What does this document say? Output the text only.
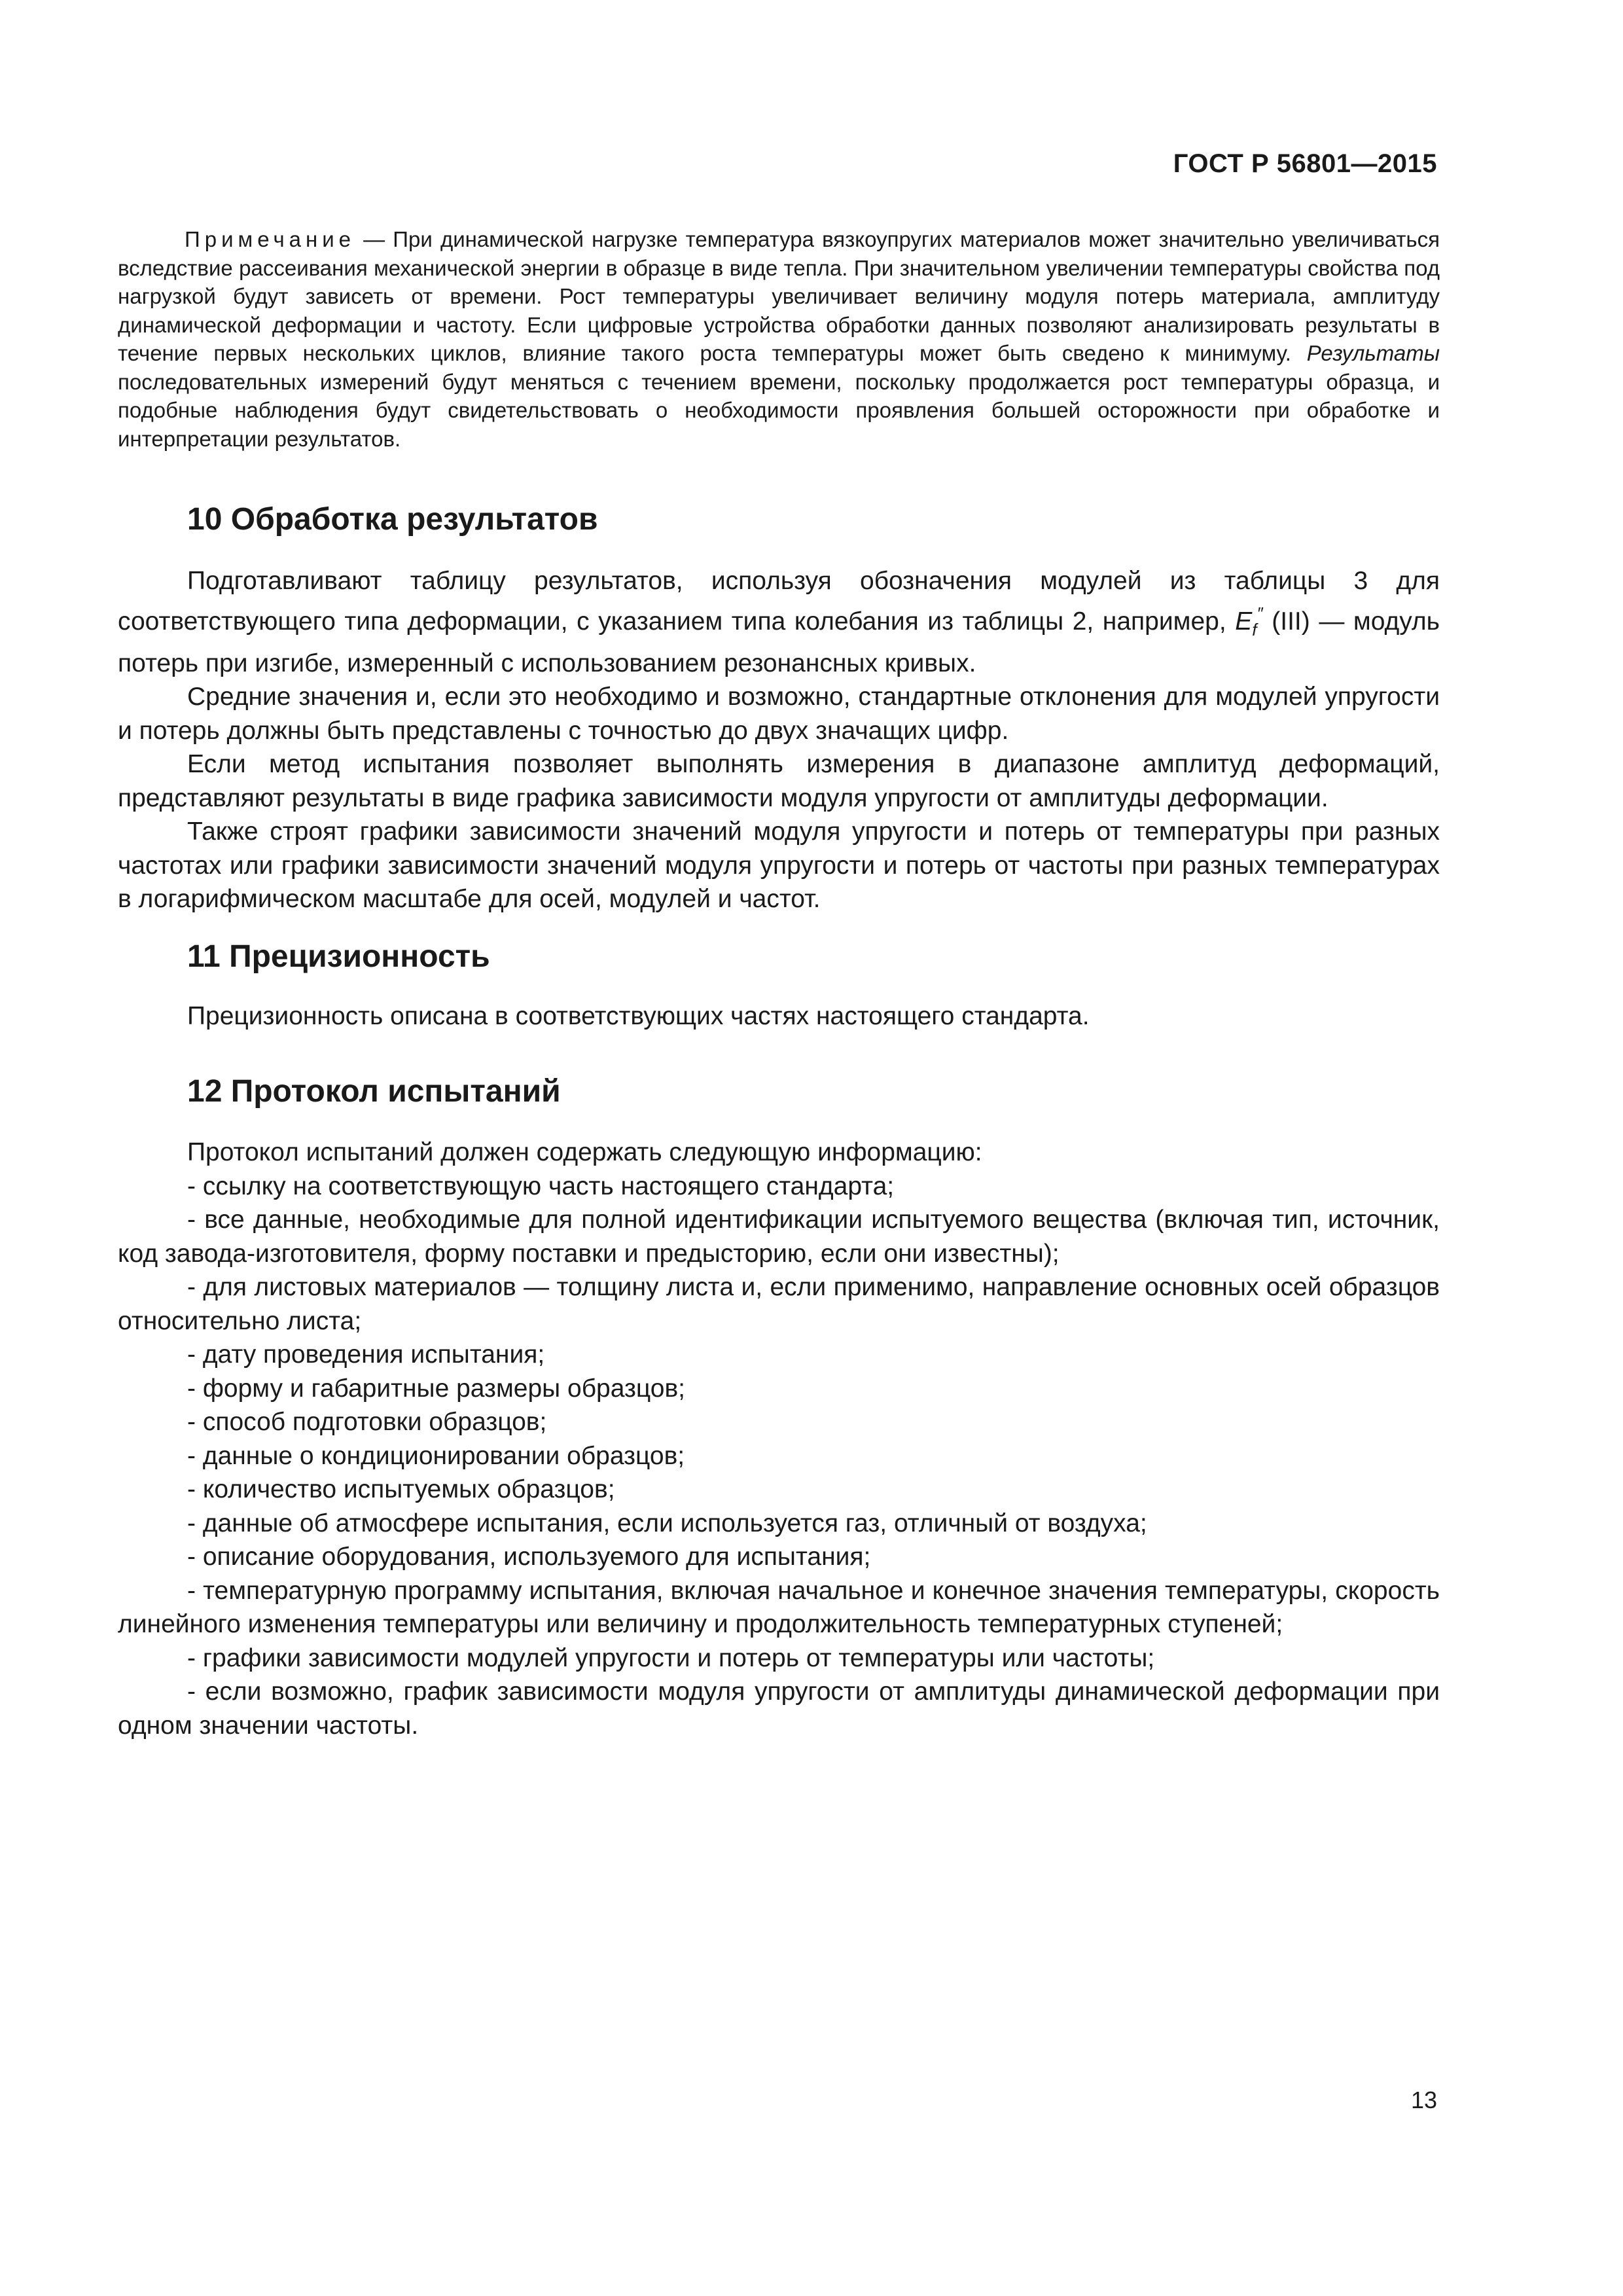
ГОСТ Р 56801—2015

Примечание — При динамической нагрузке температура вязкоупругих материалов может значительно увеличиваться вследствие рассеивания механической энергии в образце в виде тепла. При значительном увеличении температуры свойства под нагрузкой будут зависеть от времени. Рост температуры увеличивает величину модуля потерь материала, амплитуду динамической деформации и частоту. Если цифровые устройства обработки данных позволяют анализировать результаты в течение первых нескольких циклов, влияние такого роста температуры может быть сведено к минимуму. Результаты последовательных измерений будут меняться с течением времени, поскольку продолжается рост температуры образца, и подобные наблюдения будут свидетельствовать о необходимости проявления большей осторожности при обработке и интерпретации результатов.

10 Обработка результатов

Подготавливают таблицу результатов, используя обозначения модулей из таблицы 3 для соответствующего типа деформации, с указанием типа колебания из таблицы 2, например, $E_f''$ (III) — модуль потерь при изгибе, измеренный с использованием резонансных кривых.

Средние значения и, если это необходимо и возможно, стандартные отклонения для модулей упругости и потерь должны быть представлены с точностью до двух значащих цифр.

Если метод испытания позволяет выполнять измерения в диапазоне амплитуд деформаций, представляют результаты в виде графика зависимости модуля упругости от амплитуды деформации.

Также строят графики зависимости значений модуля упругости и потерь от температуры при разных частотах или графики зависимости значений модуля упругости и потерь от частоты при разных температурах в логарифмическом масштабе для осей, модулей и частот.

11 Прецизионность

Прецизионность описана в соответствующих частях настоящего стандарта.

12 Протокол испытаний

Протокол испытаний должен содержать следующую информацию:

- ссылку на соответствующую часть настоящего стандарта;

- все данные, необходимые для полной идентификации испытуемого вещества (включая тип, источник, код завода-изготовителя, форму поставки и предысторию, если они известны);

- для листовых материалов — толщину листа и, если применимо, направление основных осей образцов относительно листа;

- дату проведения испытания;

- форму и габаритные размеры образцов;

- способ подготовки образцов;

- данные о кондиционировании образцов;

- количество испытуемых образцов;

- данные об атмосфере испытания, если используется газ, отличный от воздуха;

- описание оборудования, используемого для испытания;

- температурную программу испытания, включая начальное и конечное значения температуры, скорость линейного изменения температуры или величину и продолжительность температурных ступеней;

- графики зависимости модулей упругости и потерь от температуры или частоты;

- если возможно, график зависимости модуля упругости от амплитуды динамической деформации при одном значении частоты.

13
